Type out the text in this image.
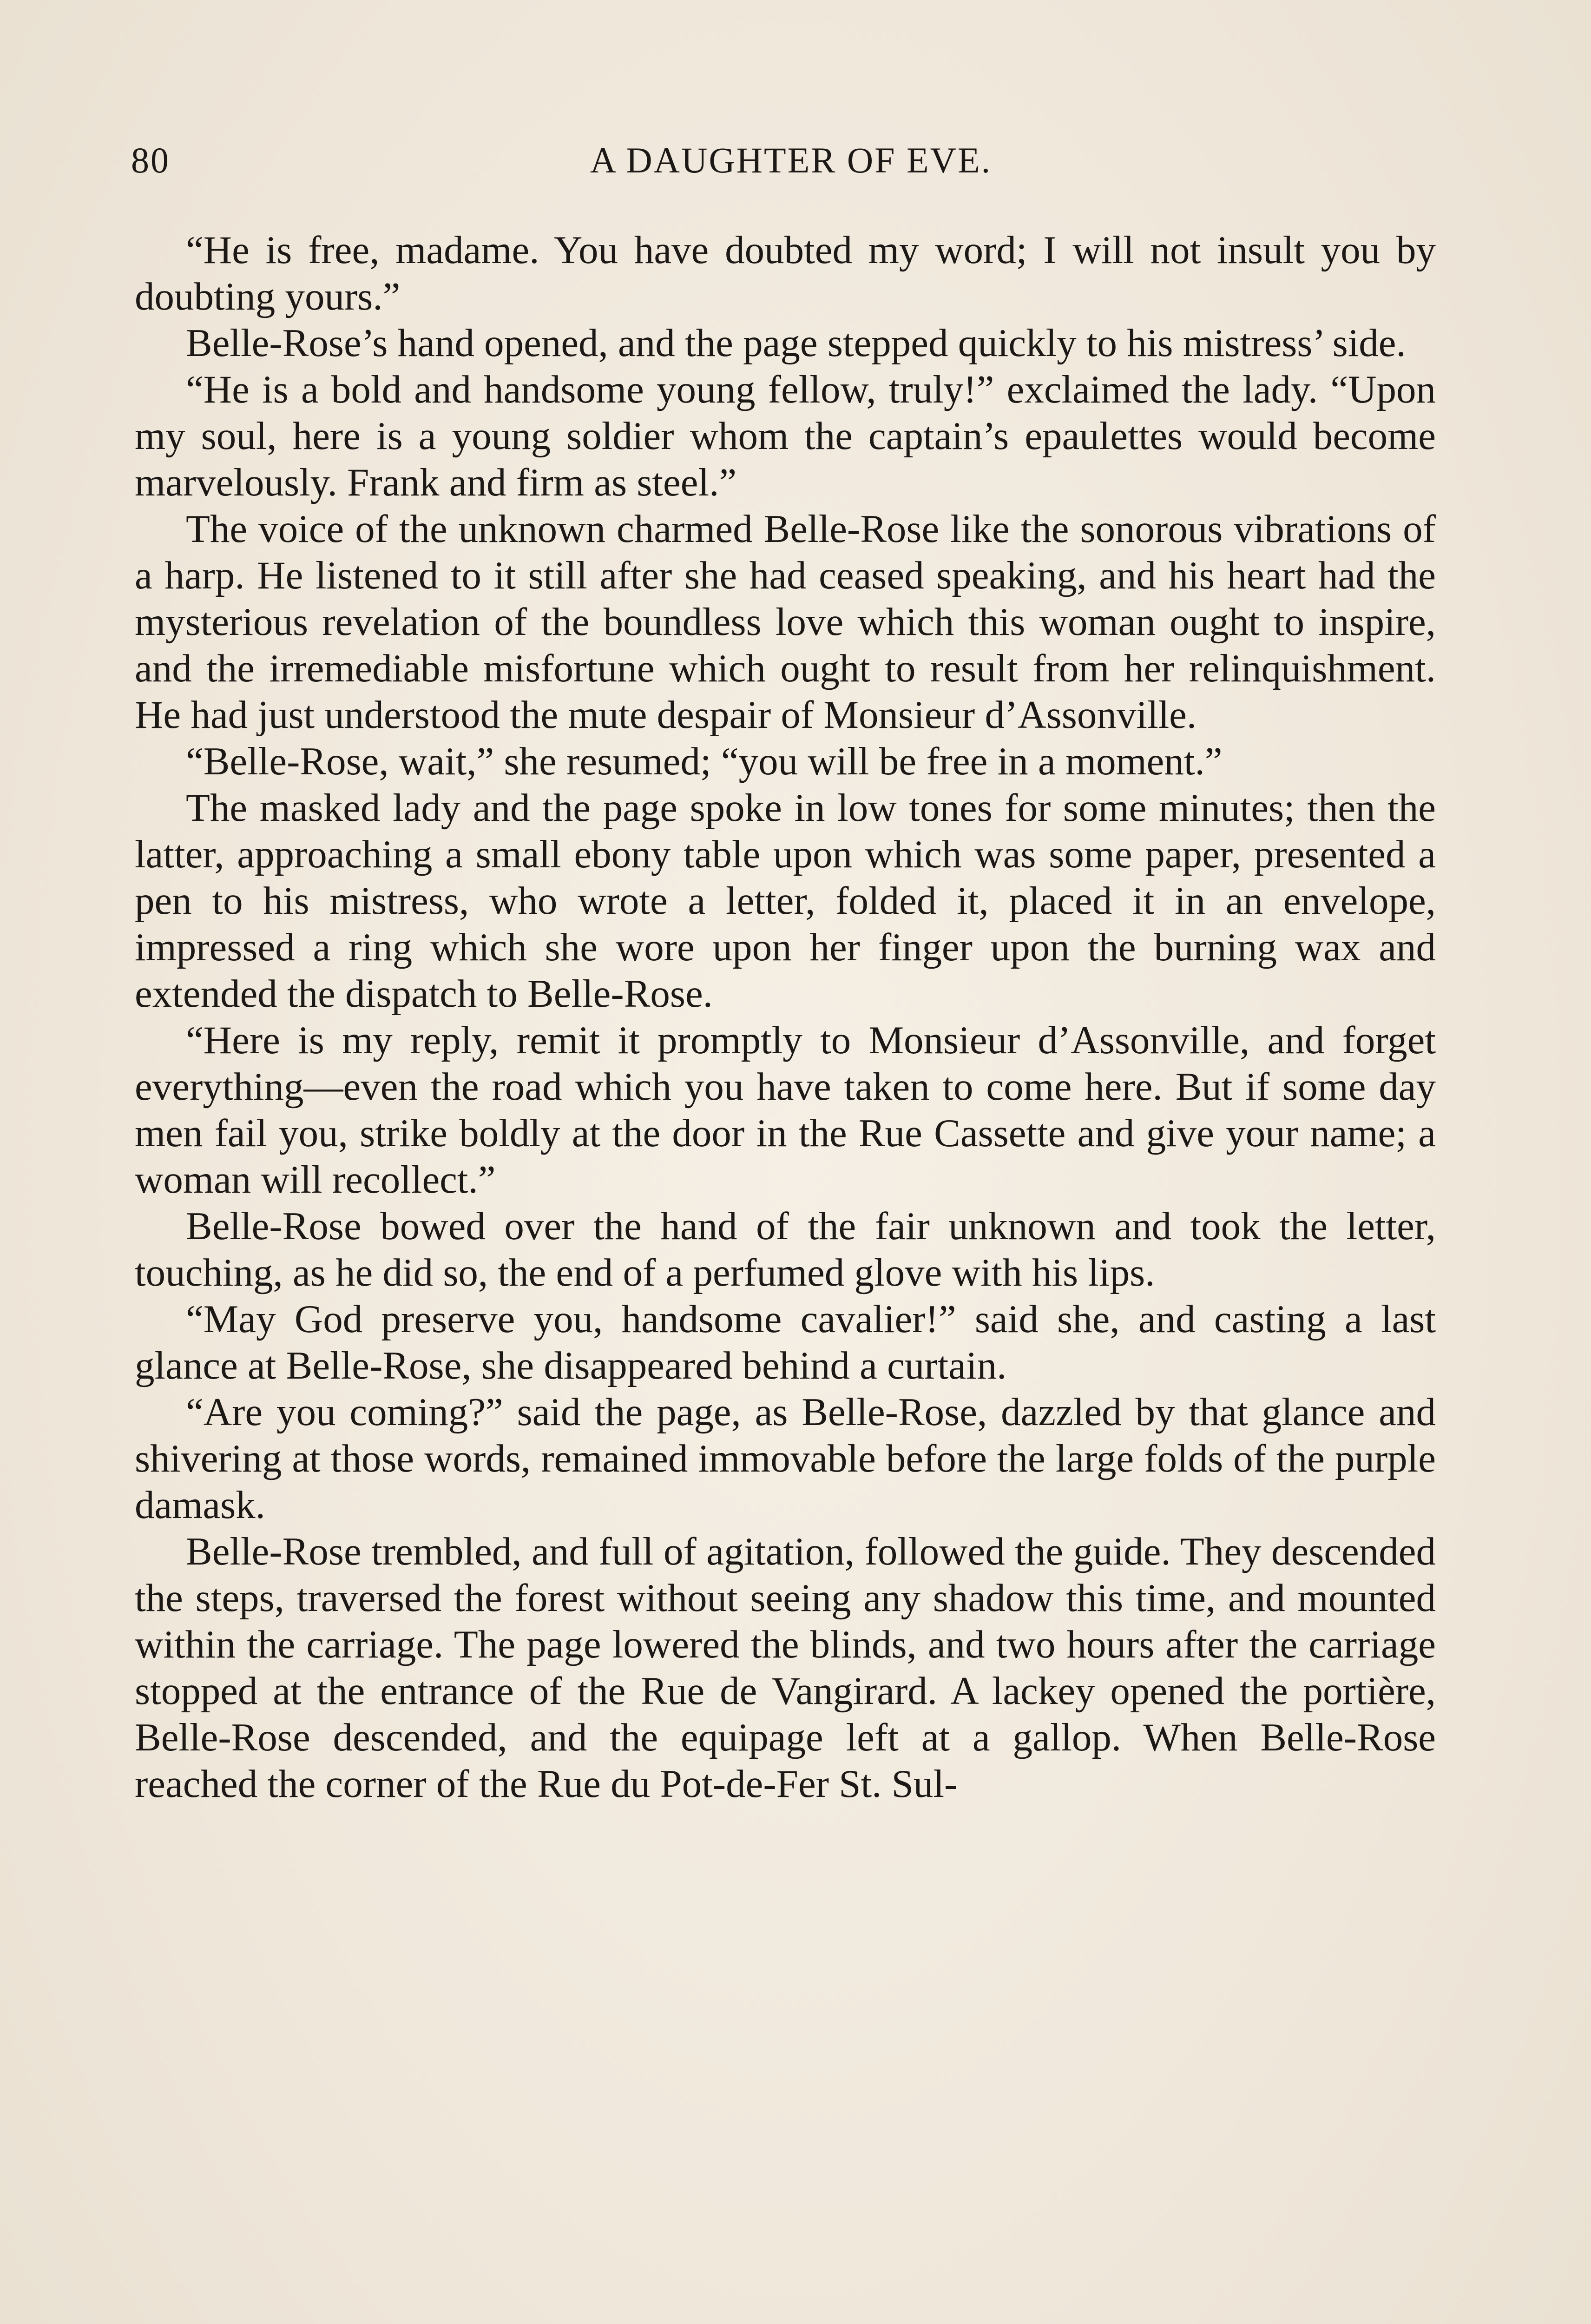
80	A DAUGHTER OF EVE.

“He is free, madame. You have doubted my word; I will not insult you by doubting yours.”

Belle-Rose’s hand opened, and the page stepped quickly to his mistress’ side.

“He is a bold and handsome young fellow, truly!” exclaimed the lady. “Upon my soul, here is a young soldier whom the captain’s epaulettes would become marvelously. Frank and firm as steel.”

The voice of the unknown charmed Belle-Rose like the sonorous vibrations of a harp. He listened to it still after she had ceased speaking, and his heart had the mysterious revelation of the boundless love which this woman ought to inspire, and the irremediable misfortune which ought to result from her relinquishment. He had just understood the mute despair of Monsieur d’Assonville.

“Belle-Rose, wait,” she resumed; “you will be free in a moment.”

The masked lady and the page spoke in low tones for some minutes; then the latter, approaching a small ebony table upon which was some paper, presented a pen to his mistress, who wrote a letter, folded it, placed it in an envelope, impressed a ring which she wore upon her finger upon the burning wax and extended the dispatch to Belle-Rose.

“Here is my reply, remit it promptly to Monsieur d’Assonville, and forget everything—even the road which you have taken to come here. But if some day men fail you, strike boldly at the door in the Rue Cassette and give your name; a woman will recollect.”

Belle-Rose bowed over the hand of the fair unknown and took the letter, touching, as he did so, the end of a perfumed glove with his lips.

“May God preserve you, handsome cavalier!” said she, and casting a last glance at Belle-Rose, she disappeared behind a curtain.

“Are you coming?” said the page, as Belle-Rose, dazzled by that glance and shivering at those words, remained immovable before the large folds of the purple damask.

Belle-Rose trembled, and full of agitation, followed the guide. They descended the steps, traversed the forest without seeing any shadow this time, and mounted within the carriage. The page lowered the blinds, and two hours after the carriage stopped at the entrance of the Rue de Vangirard. A lackey opened the portière, Belle-Rose descended, and the equipage left at a gallop. When Belle-Rose reached the corner of the Rue du Pot-de-Fer St. Sul-
